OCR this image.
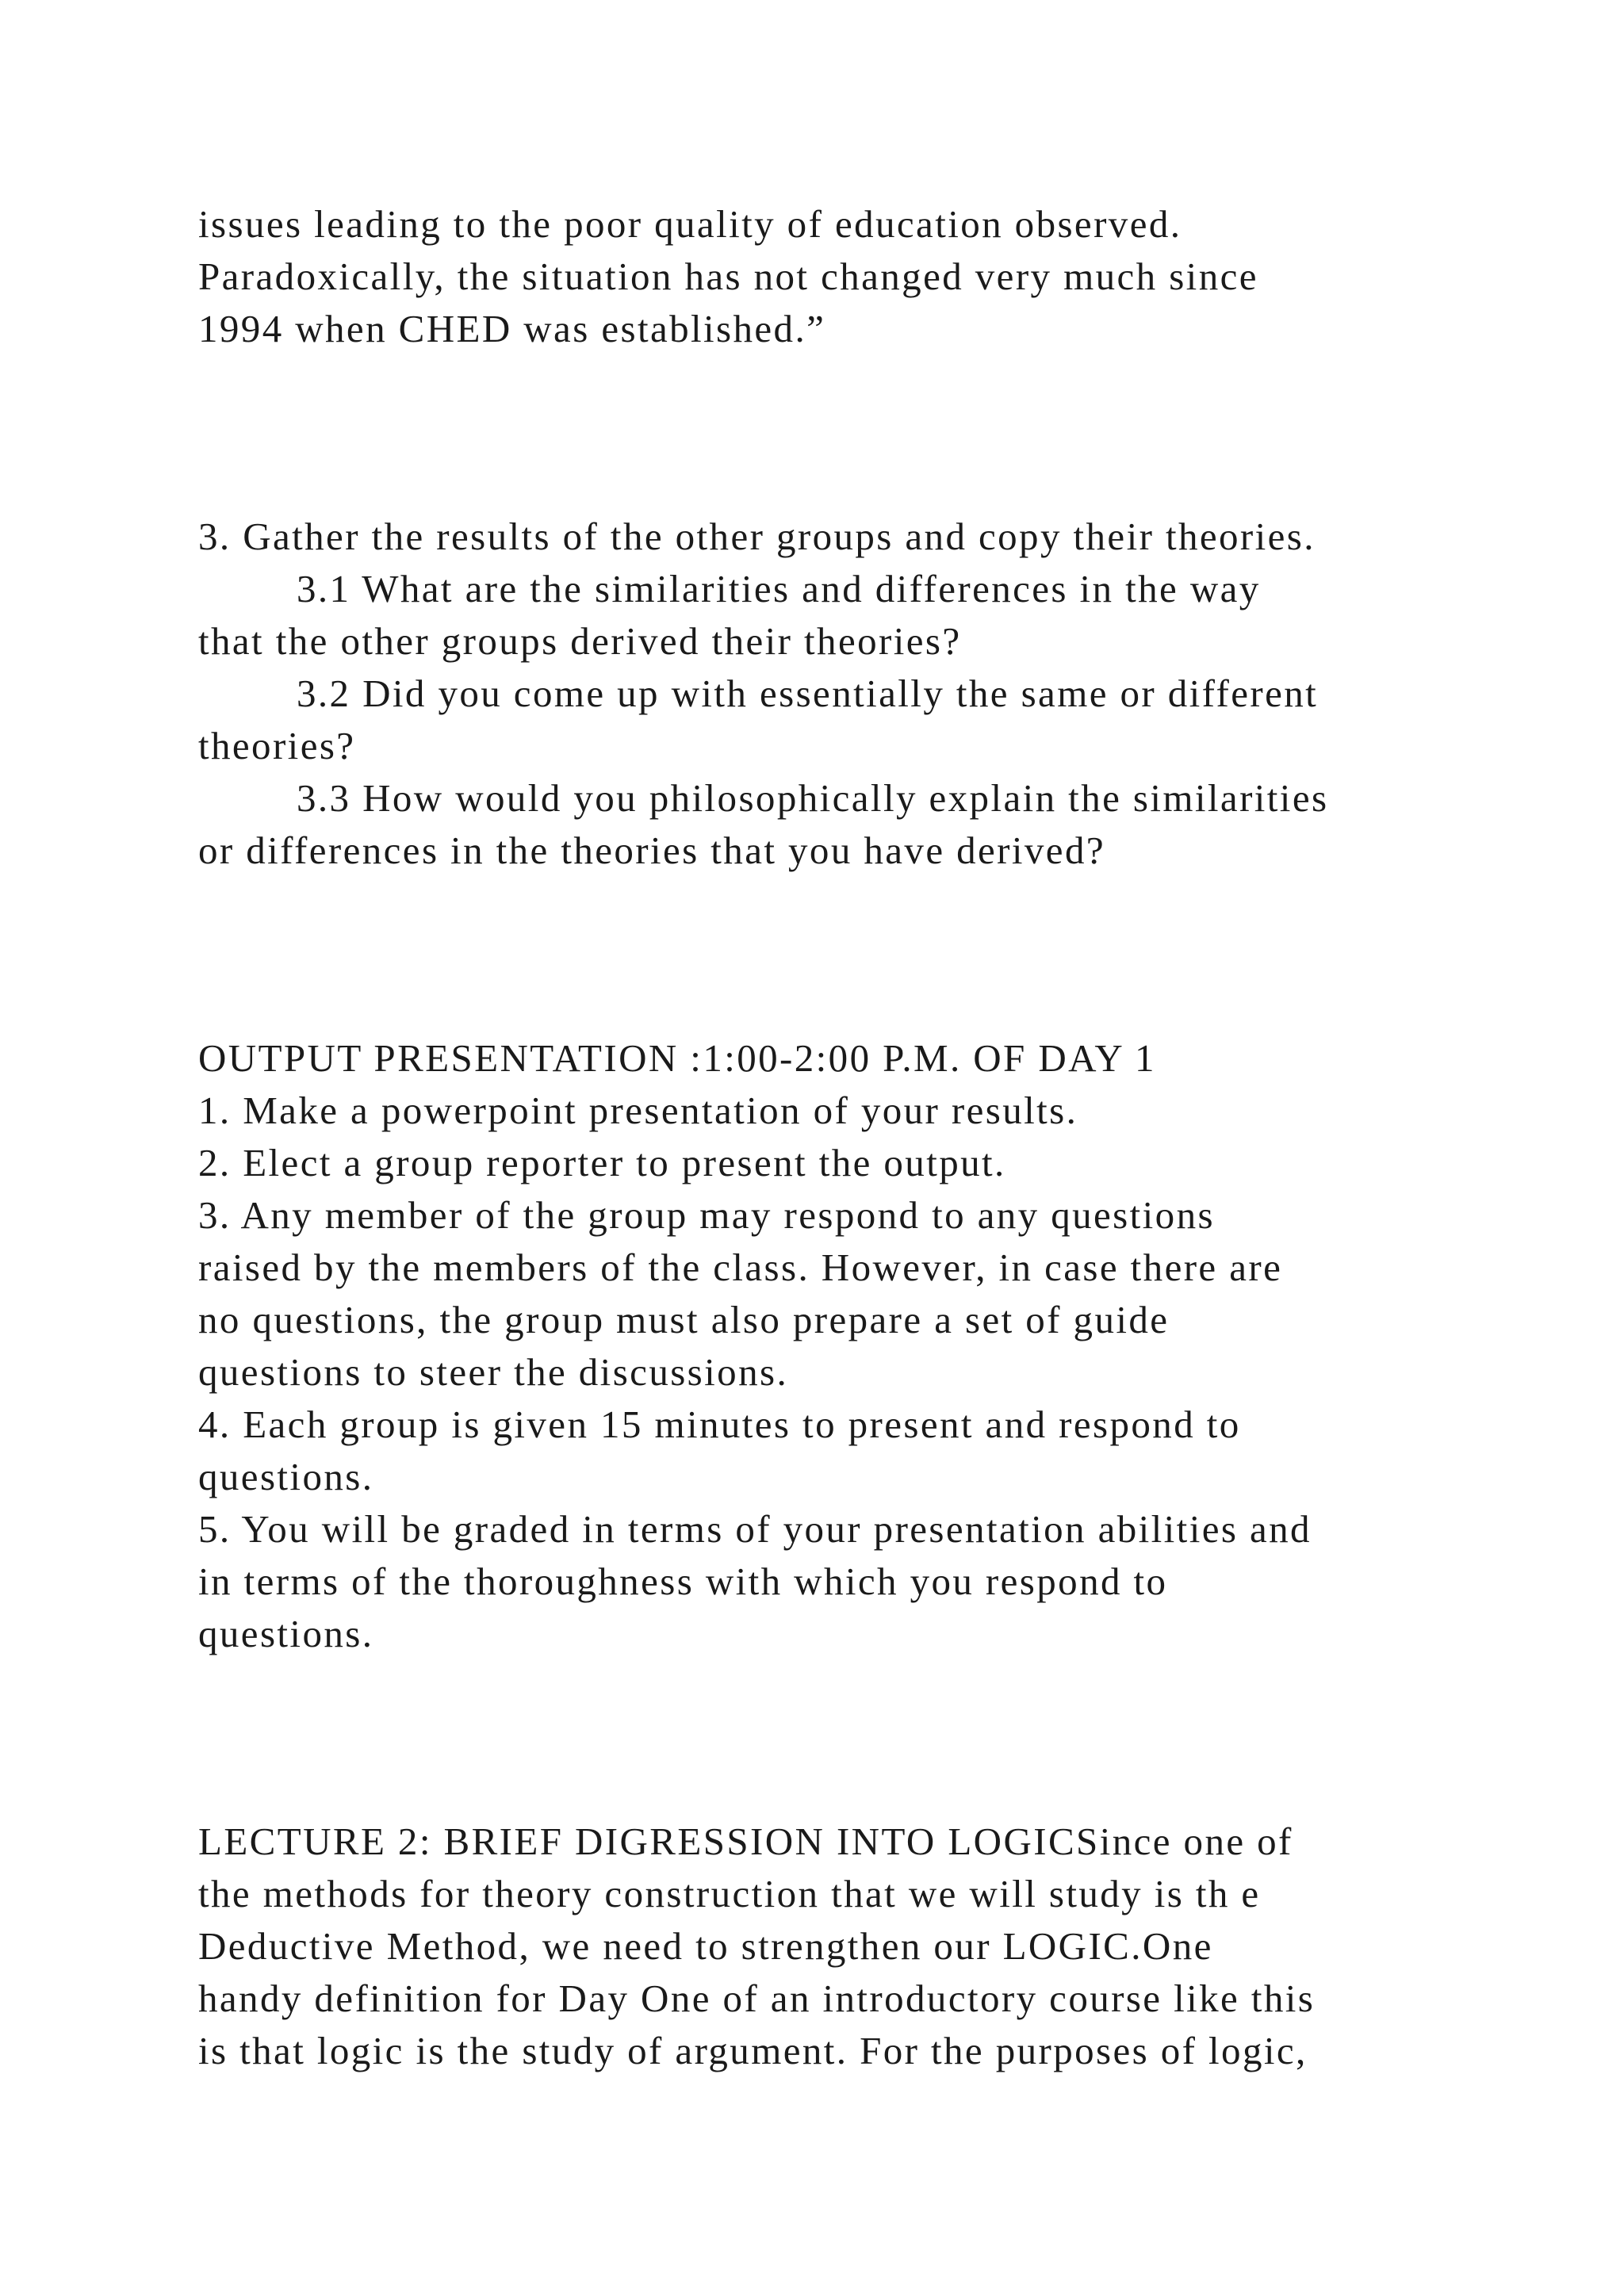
issues leading to the poor quality of education observed.
Paradoxically, the situation has not changed very much since
1994 when CHED was established.”
3. Gather the results of the other groups and copy their theories.
3.1 What are the similarities and differences in the way
that the other groups derived their theories?
3.2 Did you come up with essentially the same or different
theories?
3.3 How would you philosophically explain the similarities
or differences in the theories that you have derived?
OUTPUT PRESENTATION :1:00-2:00 P.M. OF DAY 1
1. Make a powerpoint presentation of your results.
2. Elect a group reporter to present the output.
3. Any member of the group may respond to any questions
raised by the members of the class. However, in case there are
no questions, the group must also prepare a set of guide
questions to steer the discussions.
4. Each group is given 15 minutes to present and respond to
questions.
5. You will be graded in terms of your presentation abilities and
in terms of the thoroughness with which you respond to
questions.
LECTURE 2: BRIEF DIGRESSION INTO LOGICSince one of
the methods for theory construction that we will study is th e
Deductive Method, we need to strengthen our LOGIC.One
handy definition for Day One of an introductory course like this
is that logic is the study of argument. For the purposes of logic,
